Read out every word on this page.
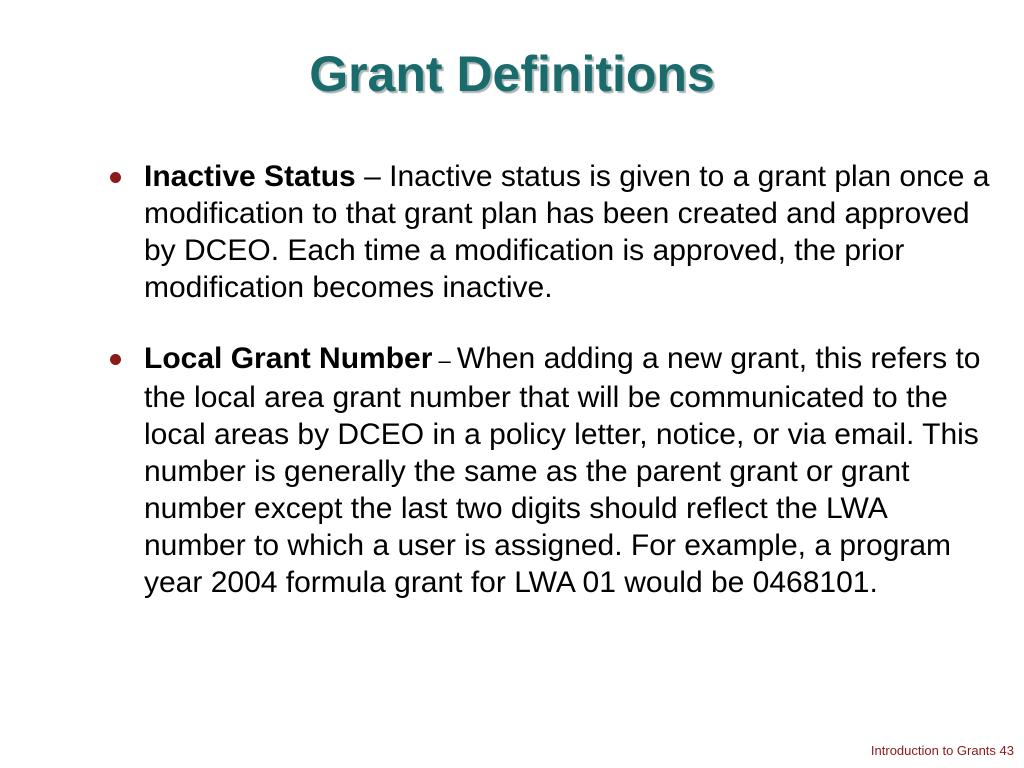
Grant Definitions
Inactive Status – Inactive status is given to a grant plan once a modification to that grant plan has been created and approved by DCEO. Each time a modification is approved, the prior modification becomes inactive.
Local Grant Number – When adding a new grant, this refers to the local area grant number that will be communicated to the local areas by DCEO in a policy letter, notice, or via email. This number is generally the same as the parent grant or grant number except the last two digits should reflect the LWA number to which a user is assigned. For example, a program year 2004 formula grant for LWA 01 would be 0468101.
Introduction to Grants 43
